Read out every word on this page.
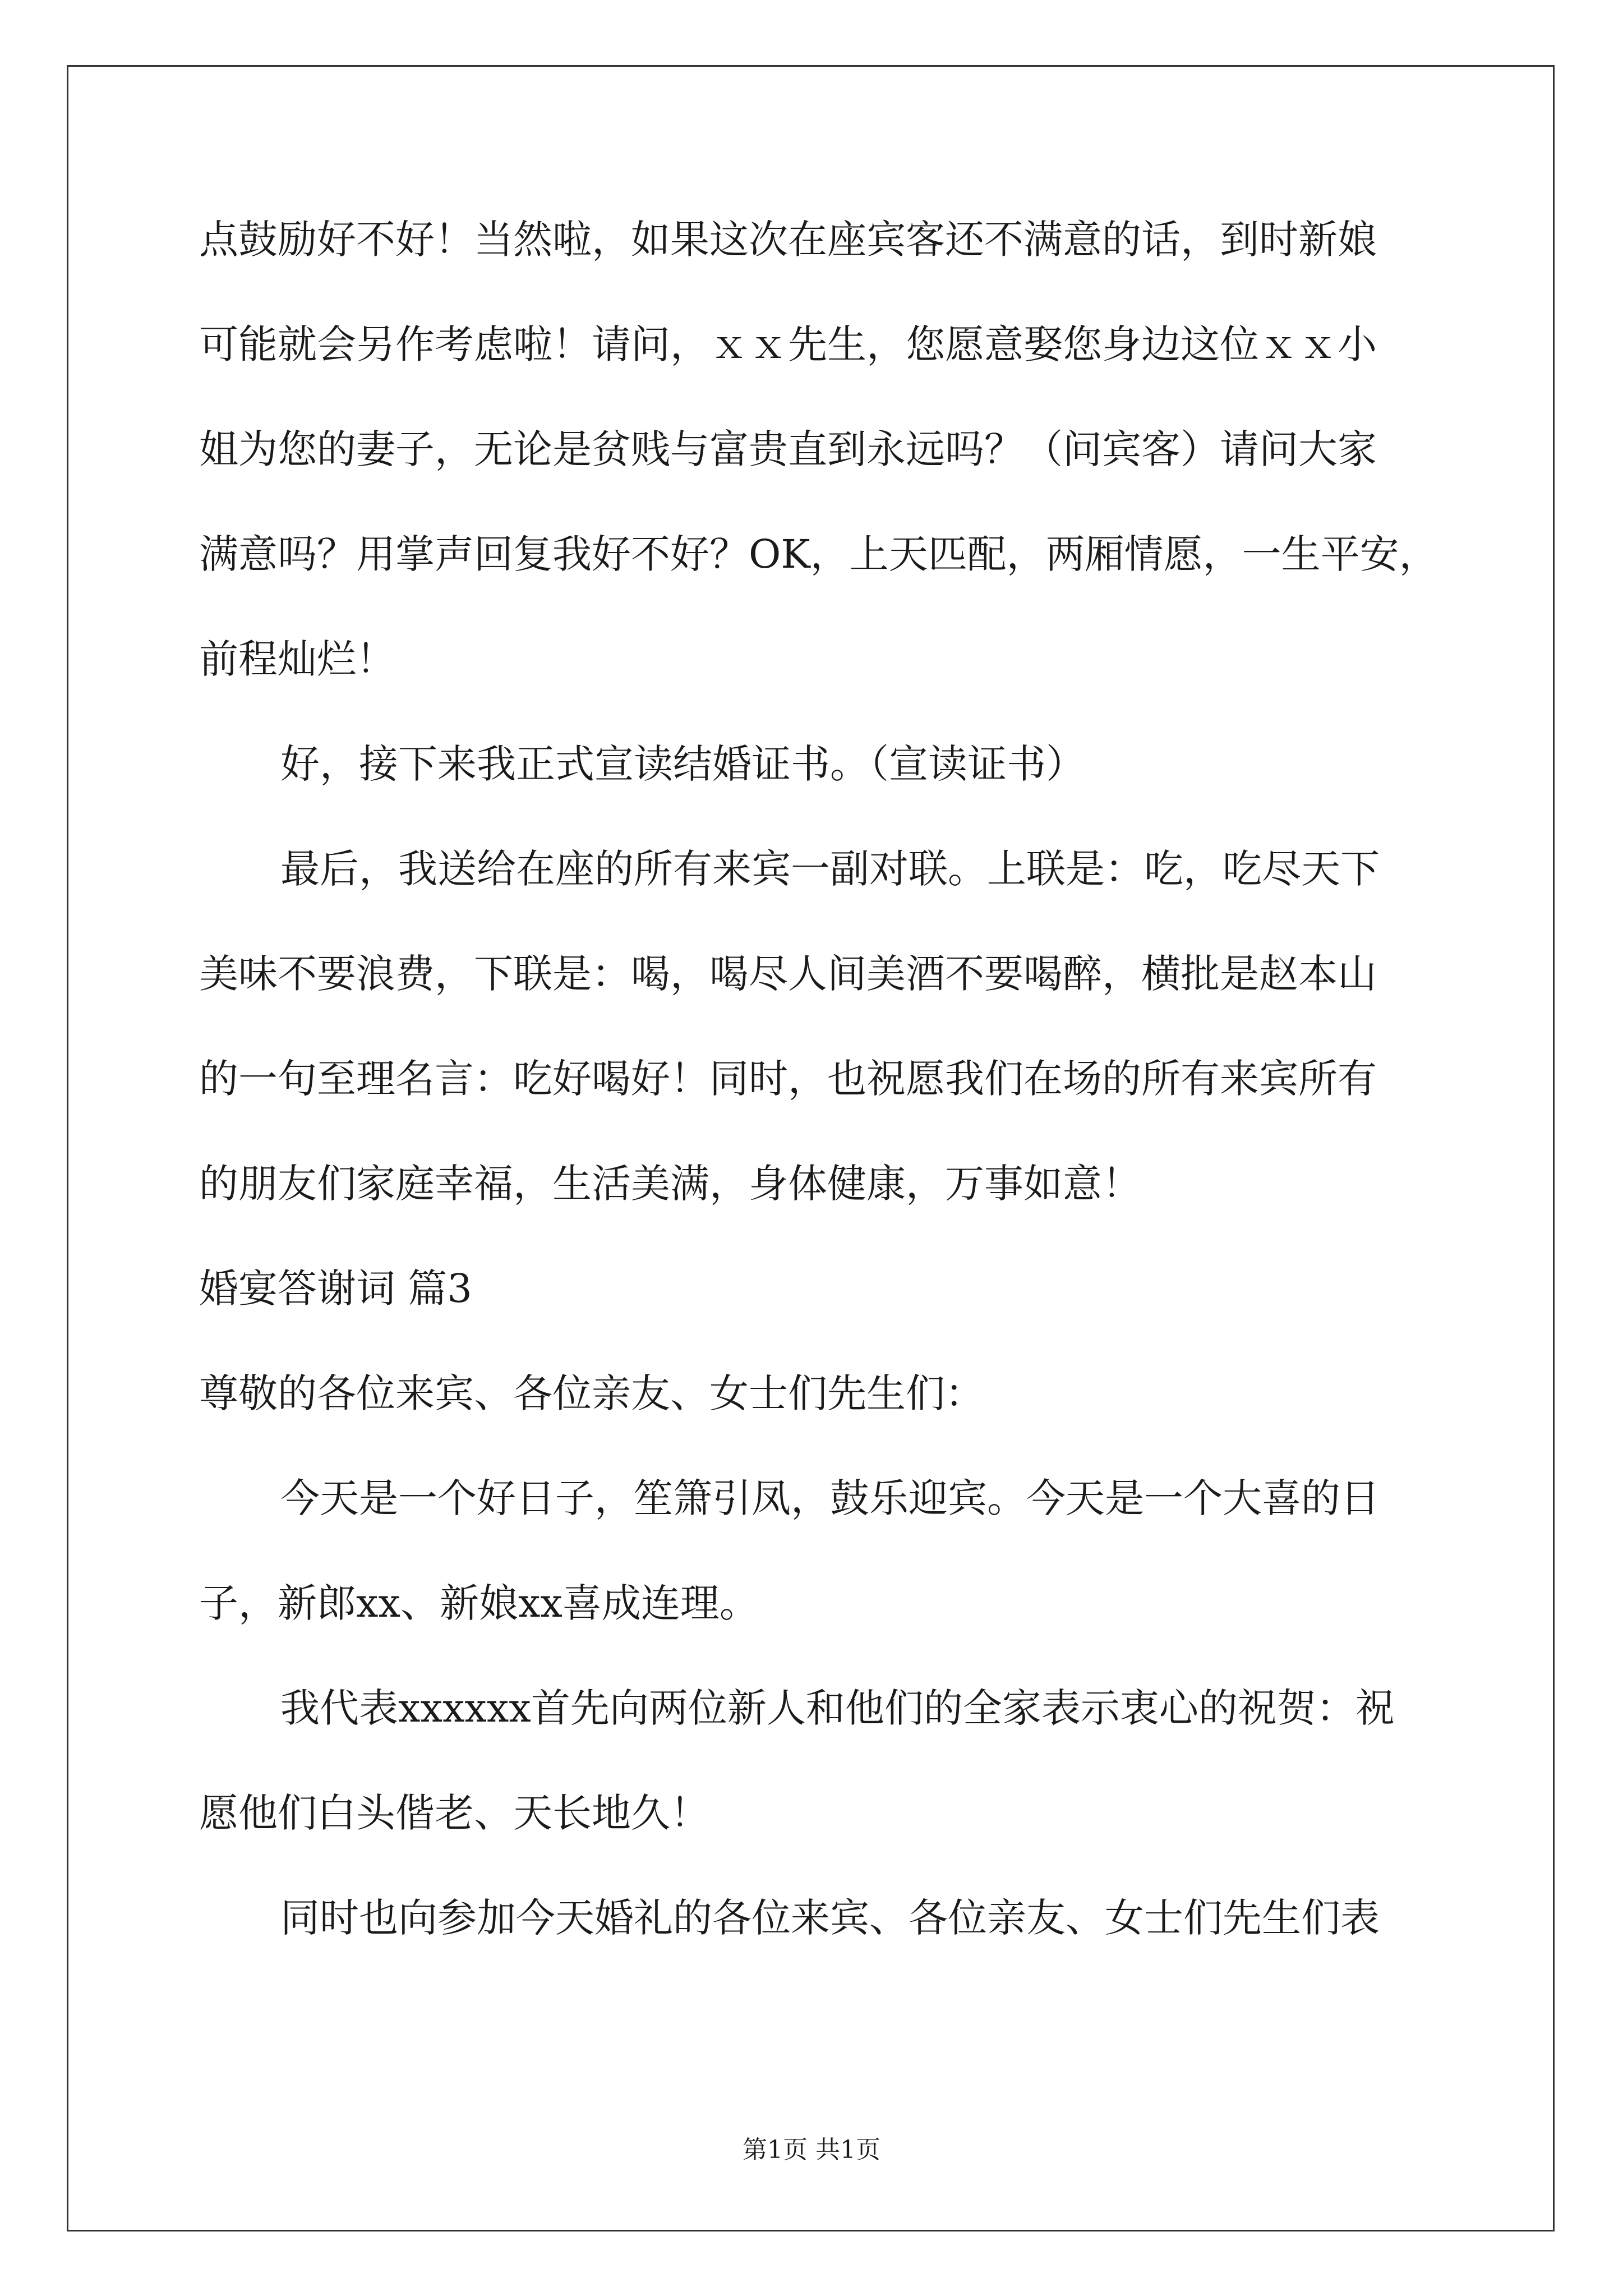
点鼓励好不好！当然啦，如果这次在座宾客还不满意的话，到时新娘
可能就会另作考虑啦！请问，ｘｘ先生，您愿意娶您身边这位ｘｘ小
姐为您的妻子，无论是贫贱与富贵直到永远吗？（问宾客）请问大家
满意吗？用掌声回复我好不好？OK，上天匹配，两厢情愿，一生平安，
前程灿烂！
好，接下来我正式宣读结婚证书。（宣读证书）
最后，我送给在座的所有来宾一副对联。上联是：吃，吃尽天下
美味不要浪费，下联是：喝，喝尽人间美酒不要喝醉，横批是赵本山
的一句至理名言：吃好喝好！同时，也祝愿我们在场的所有来宾所有
的朋友们家庭幸福，生活美满，身体健康，万事如意！
婚宴答谢词 篇3
尊敬的各位来宾、各位亲友、女士们先生们：
今天是一个好日子，笙箫引凤，鼓乐迎宾。今天是一个大喜的日
子，新郎xx、新娘xx喜成连理。
我代表xxxxxx首先向两位新人和他们的全家表示衷心的祝贺：祝
愿他们白头偕老、天长地久！
同时也向参加今天婚礼的各位来宾、各位亲友、女士们先生们表
第1页 共1页
